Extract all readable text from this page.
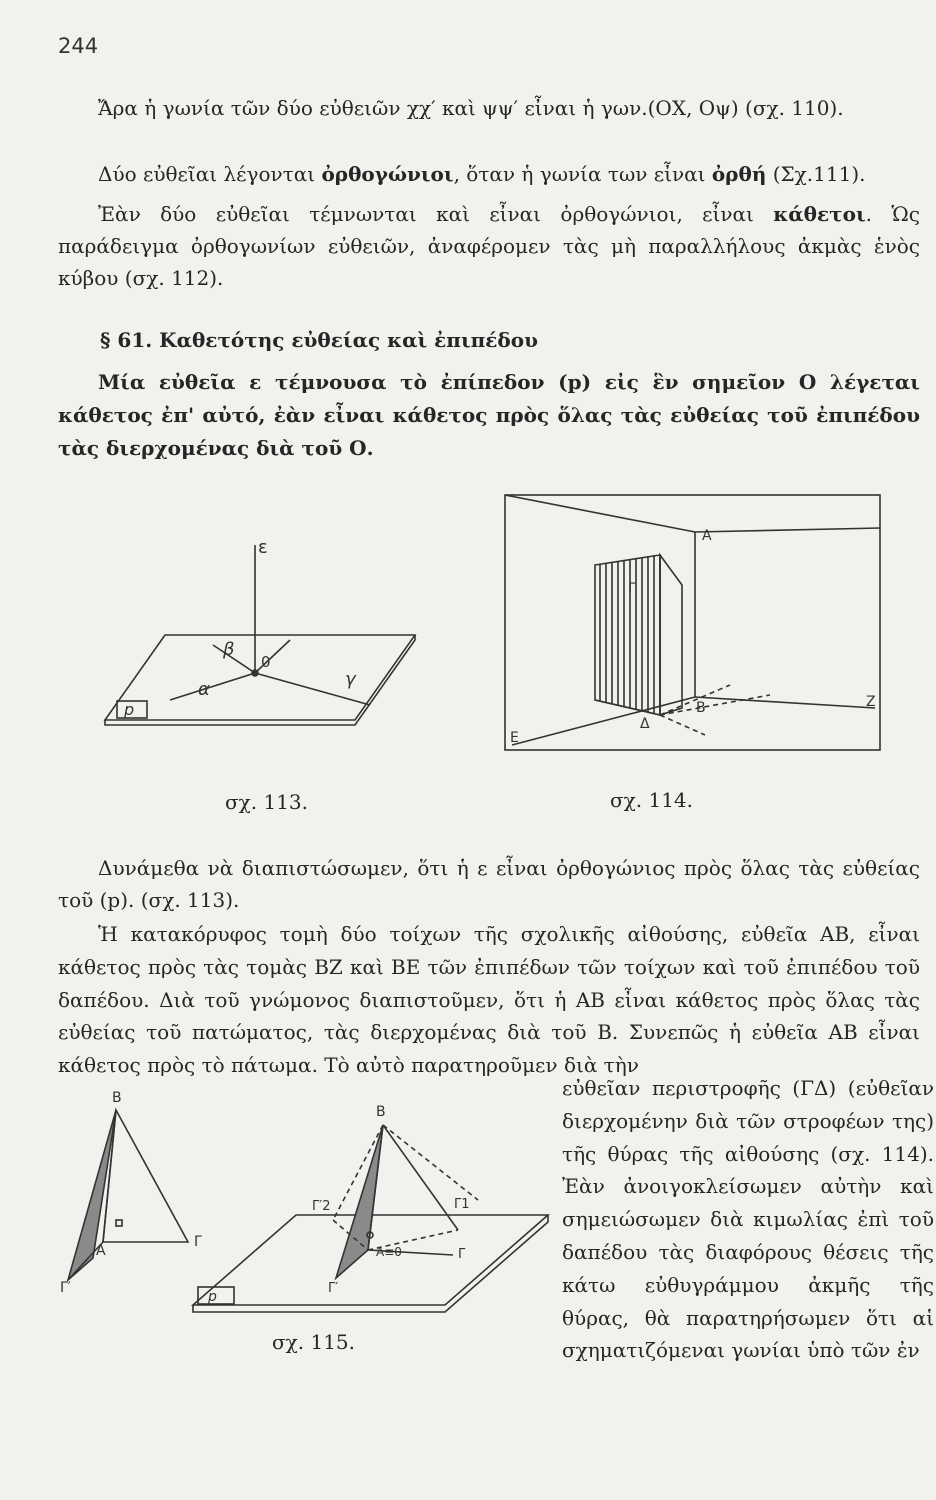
244

Ἄρα ἡ γωνία τῶν δύο εὐθειῶν χχ′ καὶ ψψ′ εἶναι ἡ γων.(ΟΧ, Οψ) (σχ. 110).

Δύο εὐθεῖαι λέγονται ὀρθογώνιοι, ὅταν ἡ γωνία των εἶναι ὀρθή (Σχ.111).

Ἐὰν δύο εὐθεῖαι τέμνωνται καὶ εἶναι ὀρθογώνιοι, εἶναι κάθετοι. Ὡς παράδειγμα ὀρθογωνίων εὐθειῶν, ἀναφέρομεν τὰς μὴ παραλλήλους ἀκμὰς ἑνὸς κύβου (σχ. 112).

§ 61. Καθετότης εὐθείας καὶ ἐπιπέδου

Μία εὐθεῖα ε τέμνουσα τὸ ἐπίπεδον (p) εἰς ἓν σημεῖον Ο λέγεται κάθετος ἐπ' αὐτό, ἐὰν εἶναι κάθετος πρὸς ὅλας τὰς εὐθείας τοῦ ἐπιπέδου τὰς διερχομένας διὰ τοῦ Ο.

ε
0
β
α	γ
p
σχ. 113.
Α
Γ
Β
Δ
Ζ
Ε
σχ. 114.

Δυνάμεθα νὰ διαπιστώσωμεν, ὅτι ἡ ε εἶναι ὀρθογώνιος πρὸς ὅλας τὰς εὐθείας τοῦ (p). (σχ. 113).

Ἡ κατακόρυφος τομὴ δύο τοίχων τῆς σχολικῆς αἰθούσης, εὐθεῖα ΑΒ, εἶναι κάθετος πρὸς τὰς τομὰς ΒΖ καὶ ΒΕ τῶν ἐπιπέδων τῶν τοίχων καὶ τοῦ ἐπιπέδου τοῦ δαπέδου. Διὰ τοῦ γνώμονος διαπιστοῦμεν, ὅτι ἡ ΑΒ εἶναι κάθετος πρὸς ὅλας τὰς εὐθείας τοῦ πατώματος, τὰς διερχομένας διὰ τοῦ Β. Συνεπῶς ἡ εὐθεῖα ΑΒ εἶναι κάθετος πρὸς τὸ πάτωμα. Τὸ αὐτὸ παρατηροῦμεν διὰ τὴν

Β
Α
Γ
Γ′
p
Β
Γ′2	Γ1
Γ
Γ′
Α≡0
σχ. 115.

εὐθεῖαν περιστροφῆς (ΓΔ) (εὐθεῖαν διερχομένην διὰ τῶν στροφέων της) τῆς θύρας τῆς αἰθούσης (σχ. 114). Ἐὰν ἀνοιγοκλείσωμεν αὐτὴν καὶ σημειώσωμεν διὰ κιμωλίας ἐπὶ τοῦ δαπέδου τὰς διαφόρους θέσεις τῆς κάτω εὐθυγράμμου ἀκμῆς τῆς θύρας, θὰ παρατηρήσωμεν ὅτι αἱ σχηματιζόμεναι γωνίαι ὑπὸ τῶν ἐν
